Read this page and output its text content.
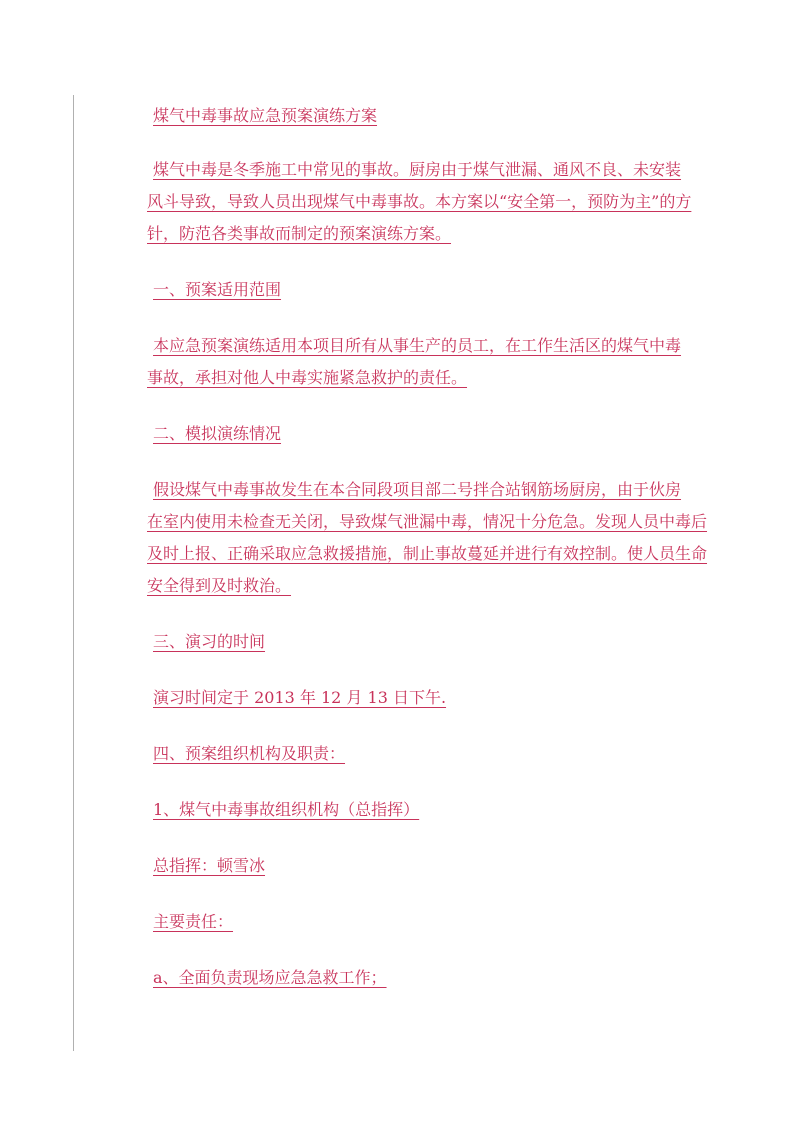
煤气中毒事故应急预案演练方案
煤气中毒是冬季施工中常见的事故。厨房由于煤气泄漏、通风不良、未安装
风斗导致，导致人员出现煤气中毒事故。本方案以“安全第一，预防为主”的方
针，防范各类事故而制定的预案演练方案。
一、预案适用范围
本应急预案演练适用本项目所有从事生产的员工，在工作生活区的煤气中毒
事故，承担对他人中毒实施紧急救护的责任。
二、模拟演练情况
假设煤气中毒事故发生在本合同段项目部二号拌合站钢筋场厨房，由于伙房
在室内使用未检查无关闭，导致煤气泄漏中毒，情况十分危急。发现人员中毒后
及时上报、正确采取应急救援措施，制止事故蔓延并进行有效控制。使人员生命
安全得到及时救治。
三、演习的时间
演习时间定于 2013 年 12 月 13 日下午.
四、预案组织机构及职责：
1、煤气中毒事故组织机构（总指挥）
总指挥：顿雪冰
主要责任：
a、全面负责现场应急急救工作；
